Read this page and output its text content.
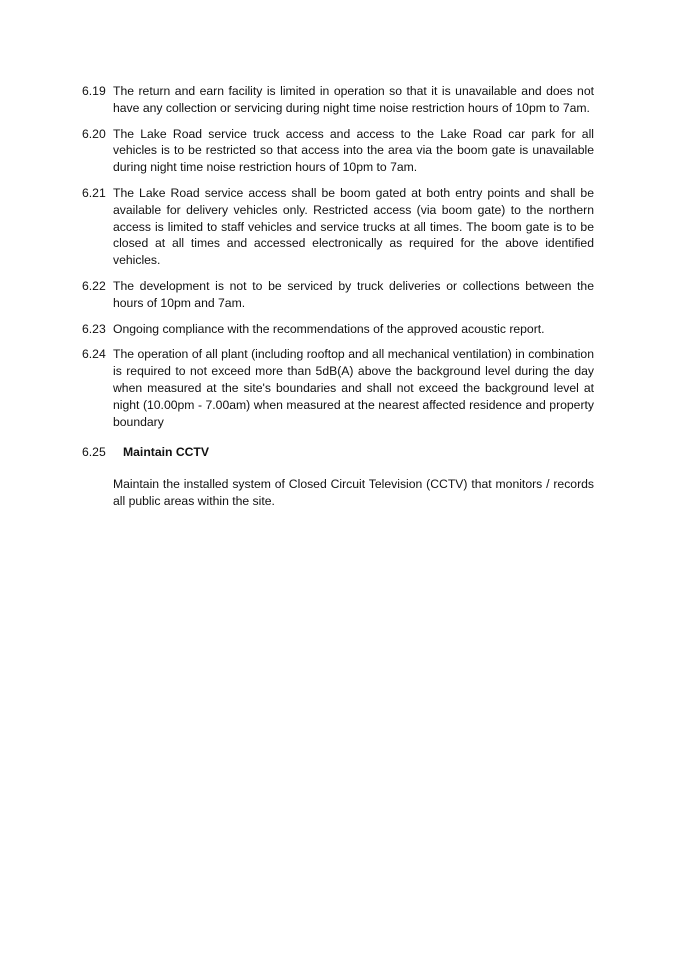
6.19 The return and earn facility is limited in operation so that it is unavailable and does not have any collection or servicing during night time noise restriction hours of 10pm to 7am.
6.20 The Lake Road service truck access and access to the Lake Road car park for all vehicles is to be restricted so that access into the area via the boom gate is unavailable during night time noise restriction hours of 10pm to 7am.
6.21 The Lake Road service access shall be boom gated at both entry points and shall be available for delivery vehicles only. Restricted access (via boom gate) to the northern access is limited to staff vehicles and service trucks at all times. The boom gate is to be closed at all times and accessed electronically as required for the above identified vehicles.
6.22 The development is not to be serviced by truck deliveries or collections between the hours of 10pm and 7am.
6.23 Ongoing compliance with the recommendations of the approved acoustic report.
6.24 The operation of all plant (including rooftop and all mechanical ventilation) in combination is required to not exceed more than 5dB(A) above the background level during the day when measured at the site's boundaries and shall not exceed the background level at night (10.00pm - 7.00am) when measured at the nearest affected residence and property boundary
6.25	Maintain CCTV

Maintain the installed system of Closed Circuit Television (CCTV) that monitors / records all public areas within the site.
